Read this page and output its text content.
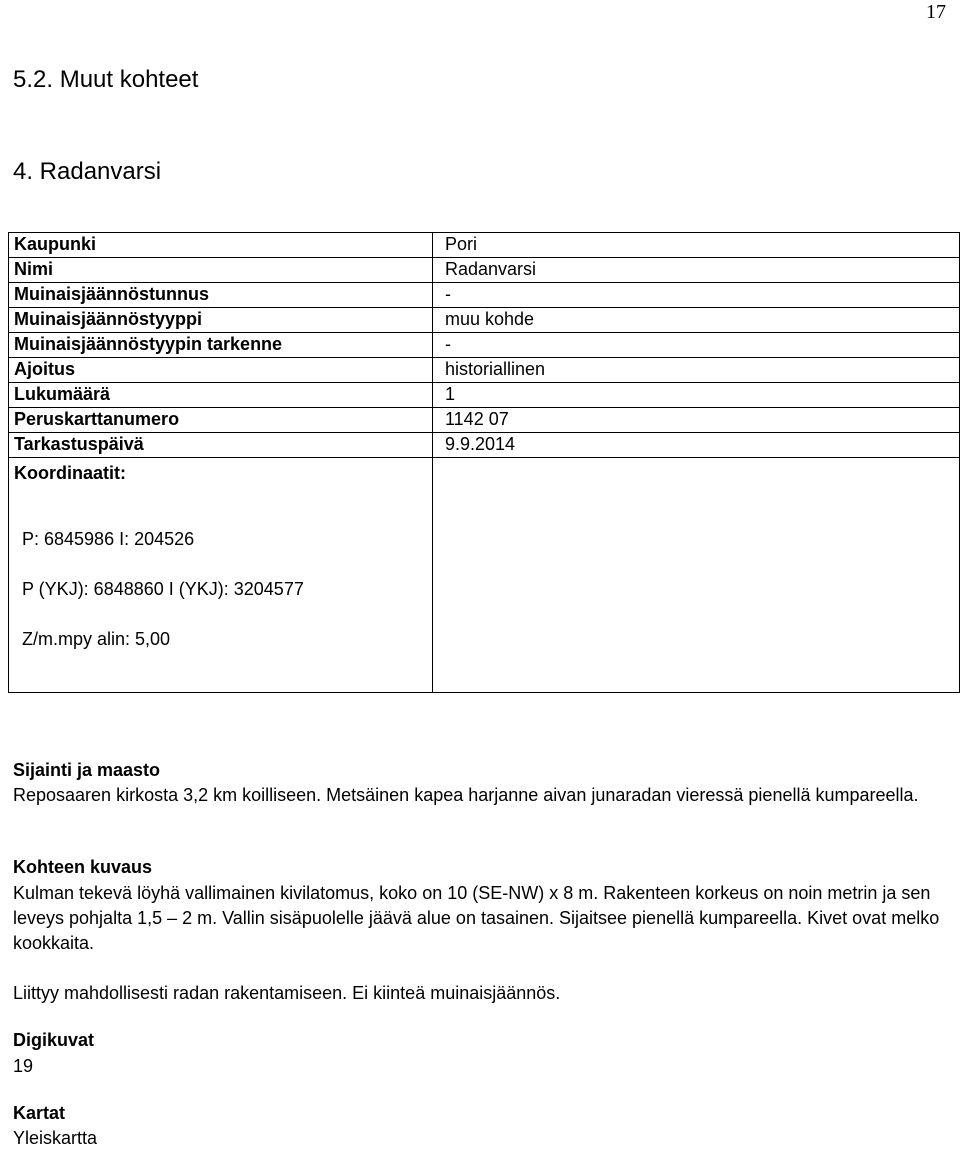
17
5.2. Muut kohteet
4. Radanvarsi
Kaupunki	Pori
Nimi	Radanvarsi
Muinaisjäännöstunnus	-
Muinaisjäännöstyyppi	muu kohde
Muinaisjäännöstyypin tarkenne	-
Ajoitus	historiallinen
Lukumäärä	1
Peruskarttanumero	1142 07
Tarkastuspäivä	9.9.2014

Koordinaatit:
P: 6845986 I: 204526
P (YKJ): 6848860 I (YKJ): 3204577
Z/m.mpy alin: 5,00	

Sijainti ja maasto
Reposaaren kirkosta 3,2 km koilliseen. Metsäinen kapea harjanne aivan junaradan vieressä pienellä kumpareella.
Kohteen kuvaus
Kulman tekevä löyhä vallimainen kivilatomus, koko on 10 (SE-NW) x 8 m. Rakenteen korkeus on noin metrin ja sen leveys pohjalta 1,5 – 2 m. Vallin sisäpuolelle jäävä alue on tasainen. Sijaitsee pienellä kumpareella. Kivet ovat melko kookkaita.
Liittyy mahdollisesti radan rakentamiseen. Ei kiinteä muinaisjäännös.
Digikuvat
19
Kartat
Yleiskartta
